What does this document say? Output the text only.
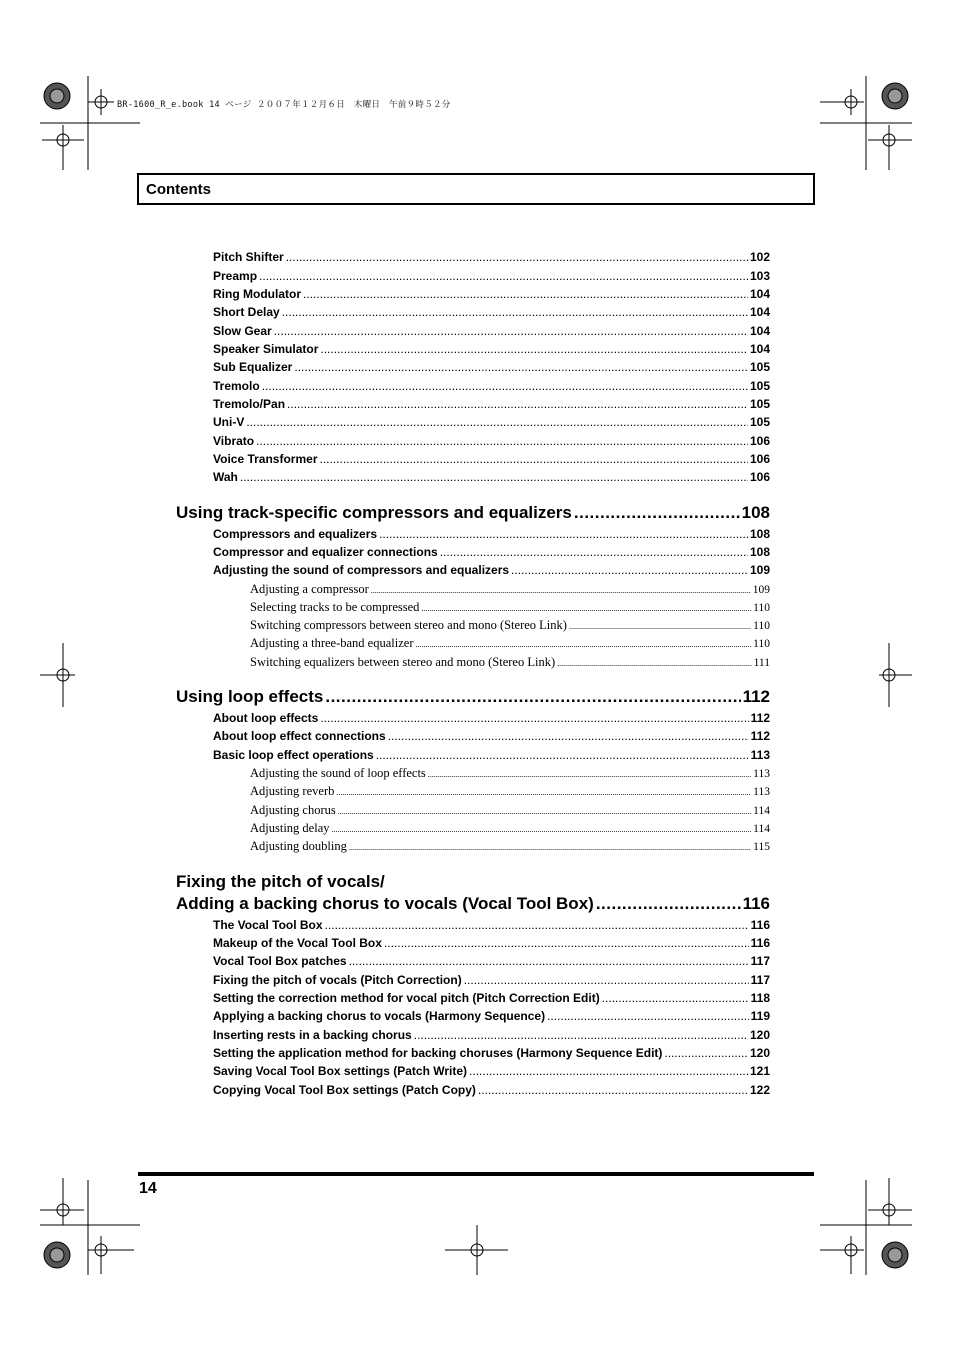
BR-1600_R_e.book 14 ページ ２００７年１２月６日　木曜日　午前９時５２分
Contents
Pitch Shifter .....	102
Preamp .....	103
Ring Modulator .....	104
Short Delay .....	104
Slow Gear .....	104
Speaker Simulator .....	104
Sub Equalizer .....	105
Tremolo .....	105
Tremolo/Pan .....	105
Uni-V .....	105
Vibrato .....	106
Voice Transformer .....	106
Wah .....	106
Using track-specific compressors and equalizers .....	108
Compressors and equalizers .....	108
Compressor and equalizer connections .....	108
Adjusting the sound of compressors and equalizers .....	109
Adjusting a compressor .....	109
Selecting tracks to be compressed .....	110
Switching compressors between stereo and mono (Stereo Link) .....	110
Adjusting a three-band equalizer .....	110
Switching equalizers between stereo and mono (Stereo Link) .....	111
Using loop effects .....	112
About loop effects .....	112
About loop effect connections .....	112
Basic loop effect operations .....	113
Adjusting the sound of loop effects .....	113
Adjusting reverb .....	113
Adjusting chorus .....	114
Adjusting delay .....	114
Adjusting doubling .....	115
Fixing the pitch of vocals/
Adding a backing chorus to vocals (Vocal Tool Box) .....	116
The Vocal Tool Box .....	116
Makeup of the Vocal Tool Box .....	116
Vocal Tool Box patches .....	117
Fixing the pitch of vocals (Pitch Correction) .....	117
Setting the correction method for vocal pitch (Pitch Correction Edit) .....	118
Applying a backing chorus to vocals (Harmony Sequence) .....	119
Inserting rests in a backing chorus .....	120
Setting the application method for backing choruses (Harmony Sequence Edit) .....	120
Saving Vocal Tool Box settings (Patch Write) .....	121
Copying Vocal Tool Box settings (Patch Copy) .....	122
14
